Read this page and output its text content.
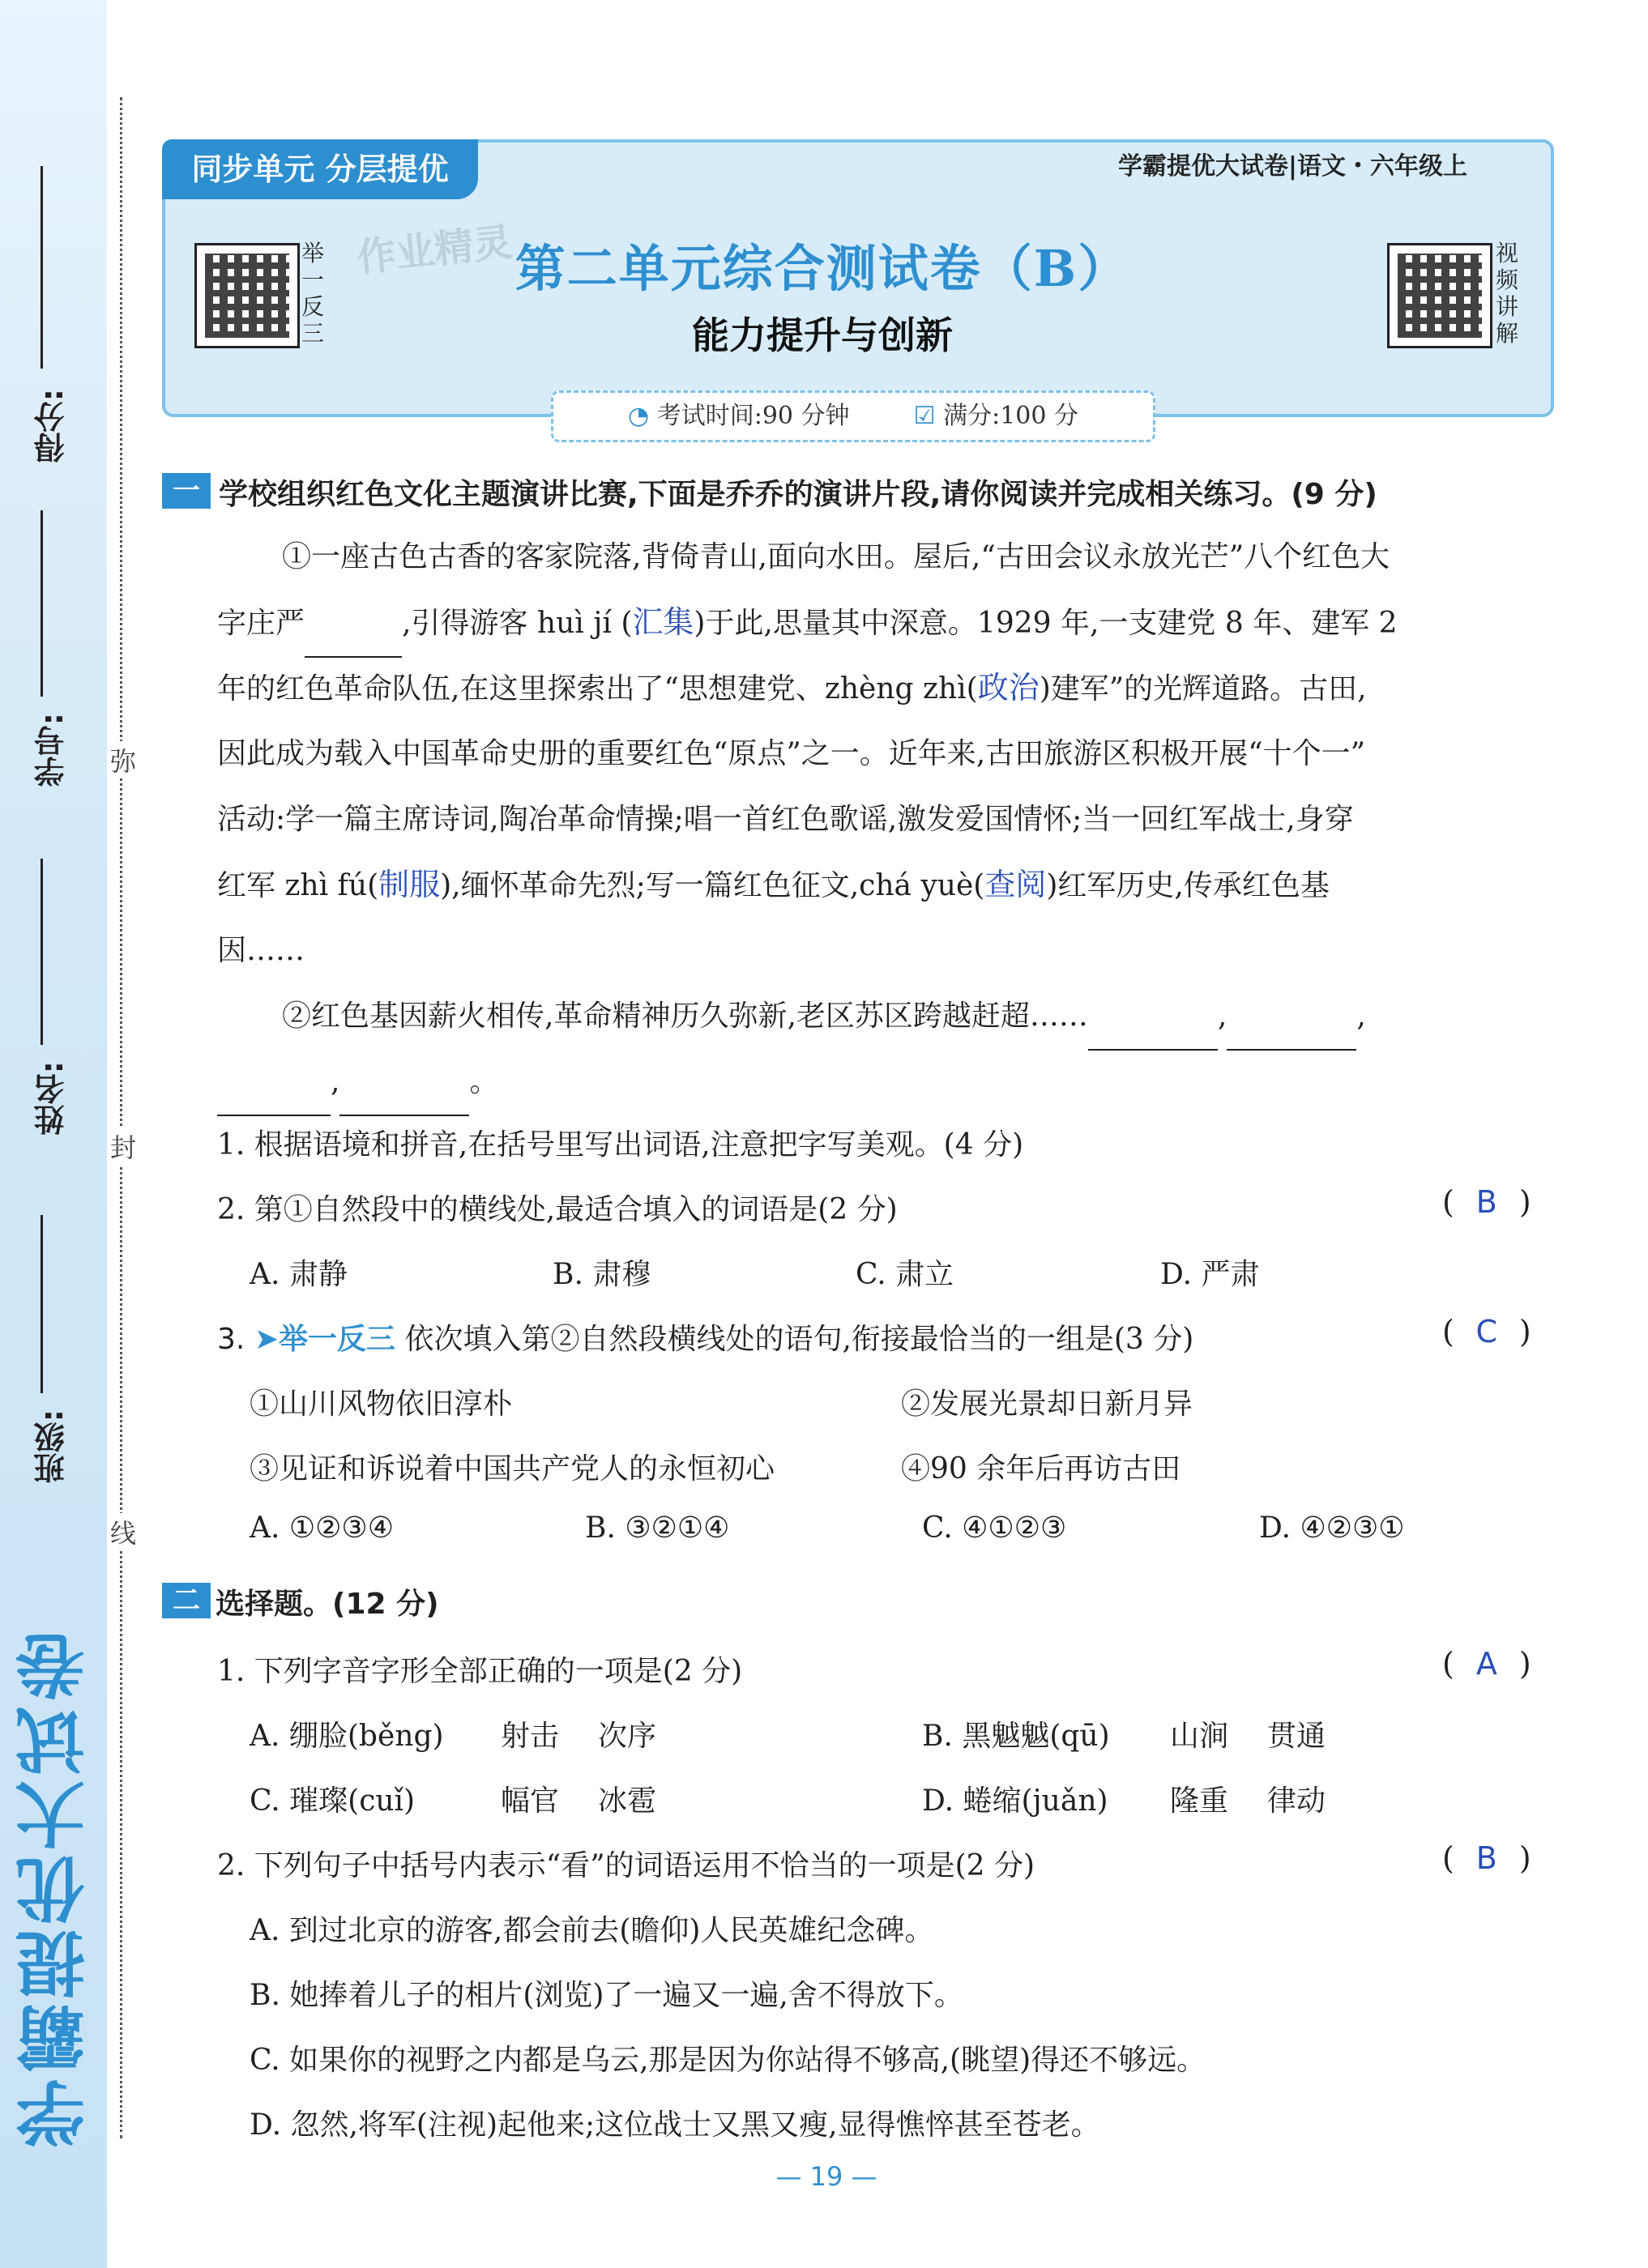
学霸提优大试卷
得分:
学号:
姓名:
班级:
弥
封
线
同步单元 分层提优	学霸提优大试卷|语文・六年级上
举一反三
作业精灵 第二单元综合测试卷（B）
能力提升与创新
视频讲解
◔ 考试时间:90 分钟	☑ 满分:100 分
一 学校组织红色文化主题演讲比赛,下面是乔乔的演讲片段,请你阅读并完成相关练习。(9 分)
①一座古色古香的客家院落,背倚青山,面向水田。屋后,“古田会议永放光芒”八个红色大
字庄严	,引得游客 huì jí (汇集)于此,思量其中深意。1929 年,一支建党 8 年、建军 2
年的红色革命队伍,在这里探索出了“思想建党、zhèng zhì(政治)建军”的光辉道路。古田,
因此成为载入中国革命史册的重要红色“原点”之一。近年来,古田旅游区积极开展“十个一”
活动:学一篇主席诗词,陶冶革命情操;唱一首红色歌谣,激发爱国情怀;当一回红军战士,身穿
红军 zhì fú(制服),缅怀革命先烈;写一篇红色征文,chá yuè(查阅)红军历史,传承红色基
因……
②红色基因薪火相传,革命精神历久弥新,老区苏区跨越赶超……	,	,
,	。
1. 根据语境和拼音,在括号里写出词语,注意把字写美观。(4 分)
2. 第①自然段中的横线处,最适合填入的词语是(2 分)	( B )
A. 肃静	B. 肃穆	C. 肃立	D. 严肃
3. ➤举一反三 依次填入第②自然段横线处的语句,衔接最恰当的一组是(3 分)	( C )
①山川风物依旧淳朴	②发展光景却日新月异
③见证和诉说着中国共产党人的永恒初心	④90 余年后再访古田
A. ①②③④	B. ③②①④	C. ④①②③	D. ④②③①
二 选择题。(12 分)
1. 下列字音字形全部正确的一项是(2 分)	( A )
A. 绷脸(běng) 射击 次序	B. 黑魆魆(qū) 山涧 贯通
C. 璀璨(cuǐ)	幅官 冰雹	D. 蜷缩(juǎn) 隆重 律动
2. 下列句子中括号内表示“看”的词语运用不恰当的一项是(2 分)	( B )
A. 到过北京的游客,都会前去(瞻仰)人民英雄纪念碑。
B. 她捧着儿子的相片(浏览)了一遍又一遍,舍不得放下。
C. 如果你的视野之内都是乌云,那是因为你站得不够高,(眺望)得还不够远。
D. 忽然,将军(注视)起他来;这位战士又黑又瘦,显得憔悴甚至苍老。
— 19 —
